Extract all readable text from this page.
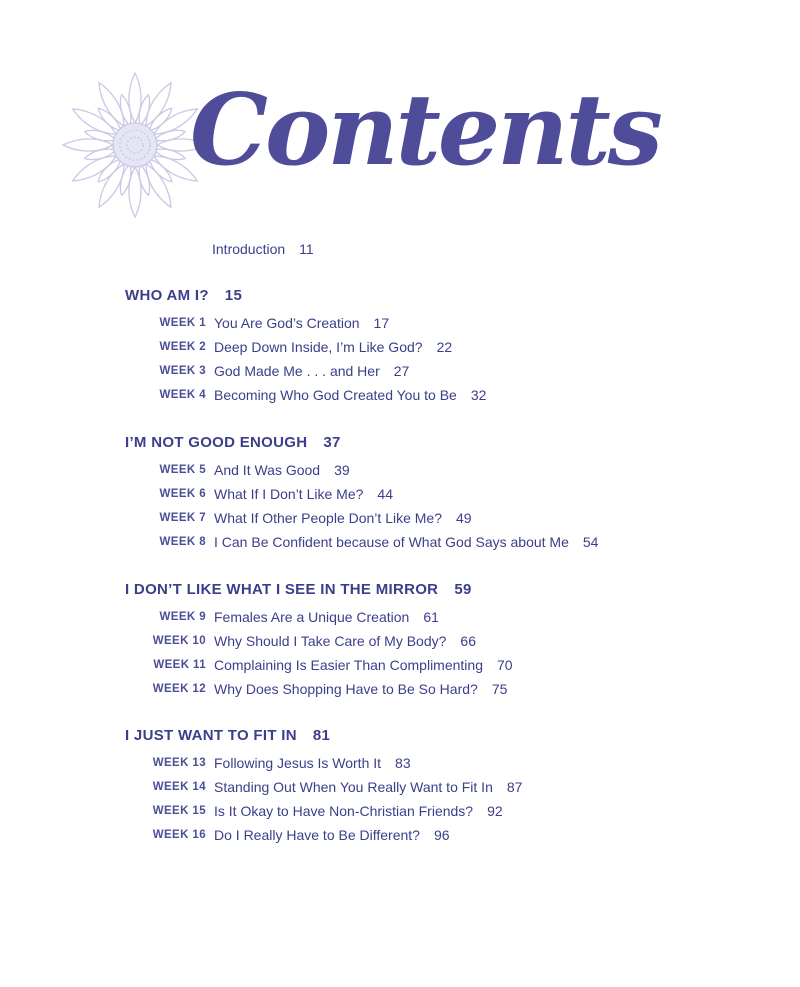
Contents
Introduction 11
WHO AM I? 15
WEEK 1 You Are God’s Creation 17
WEEK 2 Deep Down Inside, I’m Like God? 22
WEEK 3 God Made Me . . . and Her 27
WEEK 4 Becoming Who God Created You to Be 32
I’M NOT GOOD ENOUGH 37
WEEK 5 And It Was Good 39
WEEK 6 What If I Don’t Like Me? 44
WEEK 7 What If Other People Don’t Like Me? 49
WEEK 8 I Can Be Confident because of What God Says about Me 54
I DON’T LIKE WHAT I SEE IN THE MIRROR 59
WEEK 9 Females Are a Unique Creation 61
WEEK 10 Why Should I Take Care of My Body? 66
WEEK 11 Complaining Is Easier Than Complimenting 70
WEEK 12 Why Does Shopping Have to Be So Hard? 75
I JUST WANT TO FIT IN 81
WEEK 13 Following Jesus Is Worth It 83
WEEK 14 Standing Out When You Really Want to Fit In 87
WEEK 15 Is It Okay to Have Non-Christian Friends? 92
WEEK 16 Do I Really Have to Be Different? 96
